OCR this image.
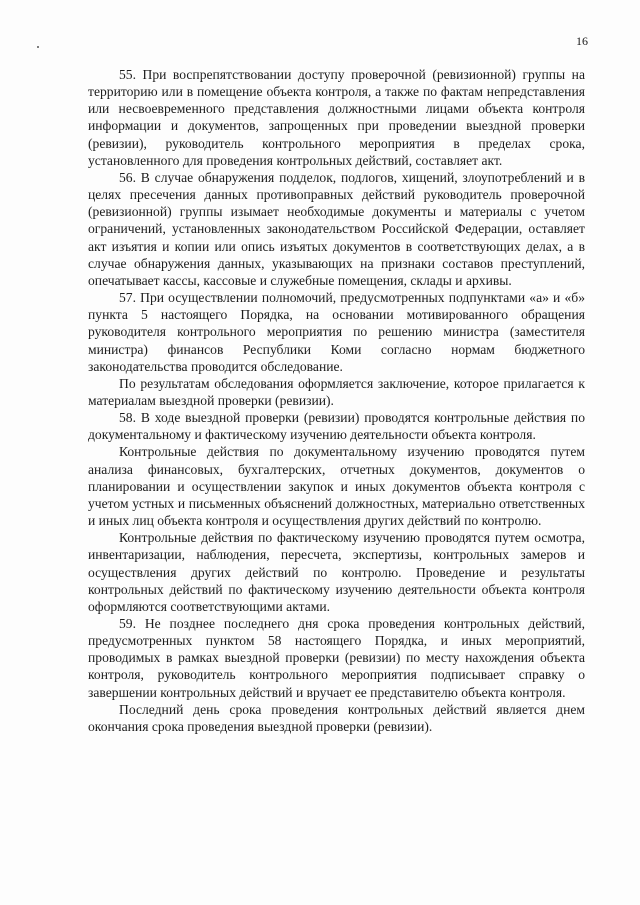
16

55. При воспрепятствовании доступу проверочной (ревизионной) группы на территорию или в помещение объекта контроля, а также по фактам непредставления или несвоевременного представления должностными лицами объекта контроля информации и документов, запрощенных при проведении выездной проверки (ревизии), руководитель контрольного мероприятия в пределах срока, установленного для проведения контрольных действий, составляет акт.

56. В случае обнаружения подделок, подлогов, хищений, злоупотреблений и в целях пресечения данных противоправных действий руководитель проверочной (ревизионной) группы изымает необходимые документы и материалы с учетом ограничений, установленных законодательством Российской Федерации, оставляет акт изъятия и копии или опись изъятых документов в соответствующих делах, а в случае обнаружения данных, указывающих на признаки составов преступлений, опечатывает кассы, кассовые и служебные помещения, склады и архивы.

57. При осуществлении полномочий, предусмотренных подпунктами «а» и «б» пункта 5 настоящего Порядка, на основании мотивированного обращения руководителя контрольного мероприятия по решению министра (заместителя министра) финансов Республики Коми согласно нормам бюджетного законодательства проводится обследование.

По результатам обследования оформляется заключение, которое прилагается к материалам выездной проверки (ревизии).

58. В ходе выездной проверки (ревизии) проводятся контрольные действия по документальному и фактическому изучению деятельности объекта контроля.

Контрольные действия по документальному изучению проводятся путем анализа финансовых, бухгалтерских, отчетных документов, документов о планировании и осуществлении закупок и иных документов объекта контроля с учетом устных и письменных объяснений должностных, материально ответственных и иных лиц объекта контроля и осуществления других действий по контролю.

Контрольные действия по фактическому изучению проводятся путем осмотра, инвентаризации, наблюдения, пересчета, экспертизы, контрольных замеров и осуществления других действий по контролю. Проведение и результаты контрольных действий по фактическому изучению деятельности объекта контроля оформляются соответствующими актами.

59. Не позднее последнего дня срока проведения контрольных действий, предусмотренных пунктом 58 настоящего Порядка, и иных мероприятий, проводимых в рамках выездной проверки (ревизии) по месту нахождения объекта контроля, руководитель контрольного мероприятия подписывает справку о завершении контрольных действий и вручает ее представителю объекта контроля.

Последний день срока проведения контрольных действий является днем окончания срока проведения выездной проверки (ревизии).
